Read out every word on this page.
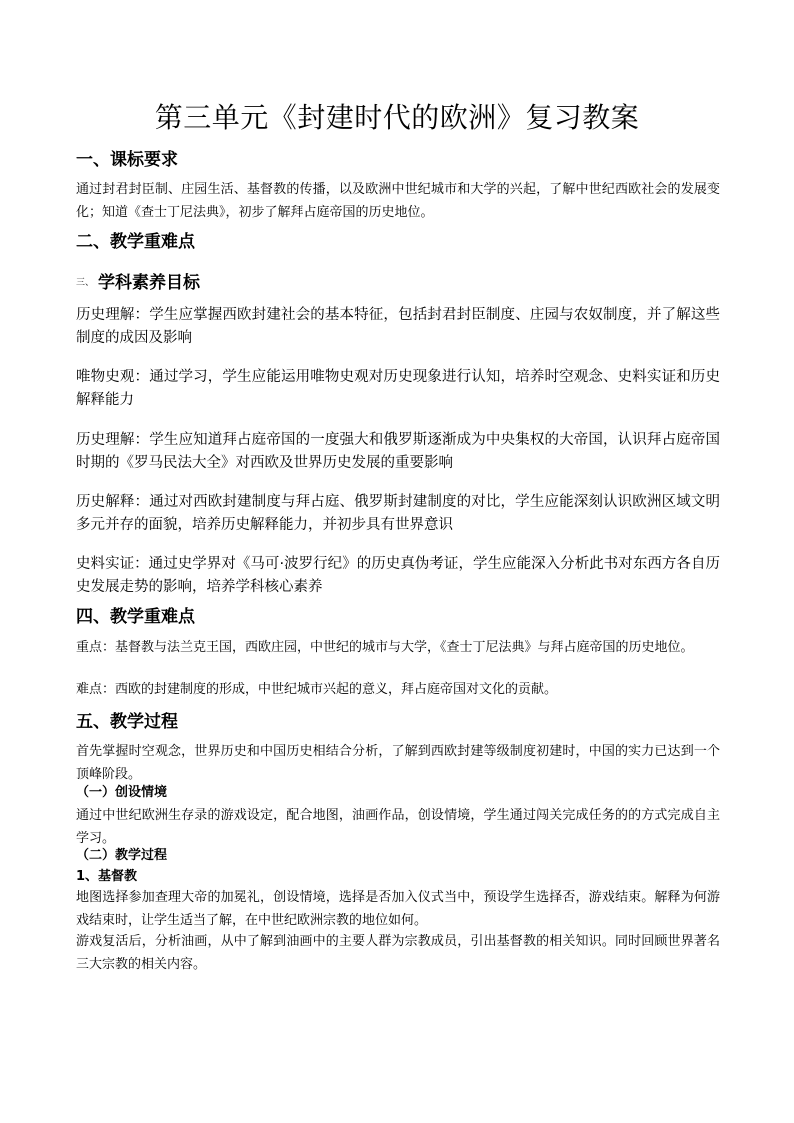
第三单元《封建时代的欧洲》复习教案
一、课标要求
通过封君封臣制、庄园生活、基督教的传播，以及欧洲中世纪城市和大学的兴起，了解中世纪西欧社会的发展变化；知道《查士丁尼法典》，初步了解拜占庭帝国的历史地位。
二、教学重难点
三、 学科素养目标
历史理解：学生应掌握西欧封建社会的基本特征，包括封君封臣制度、庄园与农奴制度，并了解这些制度的成因及影响
唯物史观：通过学习，学生应能运用唯物史观对历史现象进行认知，培养时空观念、史料实证和历史解释能力
历史理解：学生应知道拜占庭帝国的一度强大和俄罗斯逐渐成为中央集权的大帝国，认识拜占庭帝国时期的《罗马民法大全》对西欧及世界历史发展的重要影响
历史解释：通过对西欧封建制度与拜占庭、俄罗斯封建制度的对比，学生应能深刻认识欧洲区域文明多元并存的面貌，培养历史解释能力，并初步具有世界意识
史料实证：通过史学界对《马可·波罗行纪》的历史真伪考证，学生应能深入分析此书对东西方各自历史发展走势的影响，培养学科核心素养
四、教学重难点
重点：基督教与法兰克王国，西欧庄园，中世纪的城市与大学，《查士丁尼法典》与拜占庭帝国的历史地位。
难点：西欧的封建制度的形成，中世纪城市兴起的意义，拜占庭帝国对文化的贡献。
五、教学过程
首先掌握时空观念，世界历史和中国历史相结合分析，了解到西欧封建等级制度初建时，中国的实力已达到一个顶峰阶段。
（一）创设情境
通过中世纪欧洲生存录的游戏设定，配合地图，油画作品，创设情境，学生通过闯关完成任务的的方式完成自主学习。
（二）教学过程
1、基督教
地图选择参加查理大帝的加冕礼，创设情境，选择是否加入仪式当中，预设学生选择否，游戏结束。解释为何游戏结束时，让学生适当了解，在中世纪欧洲宗教的地位如何。
游戏复活后，分析油画，从中了解到油画中的主要人群为宗教成员，引出基督教的相关知识。同时回顾世界著名三大宗教的相关内容。
